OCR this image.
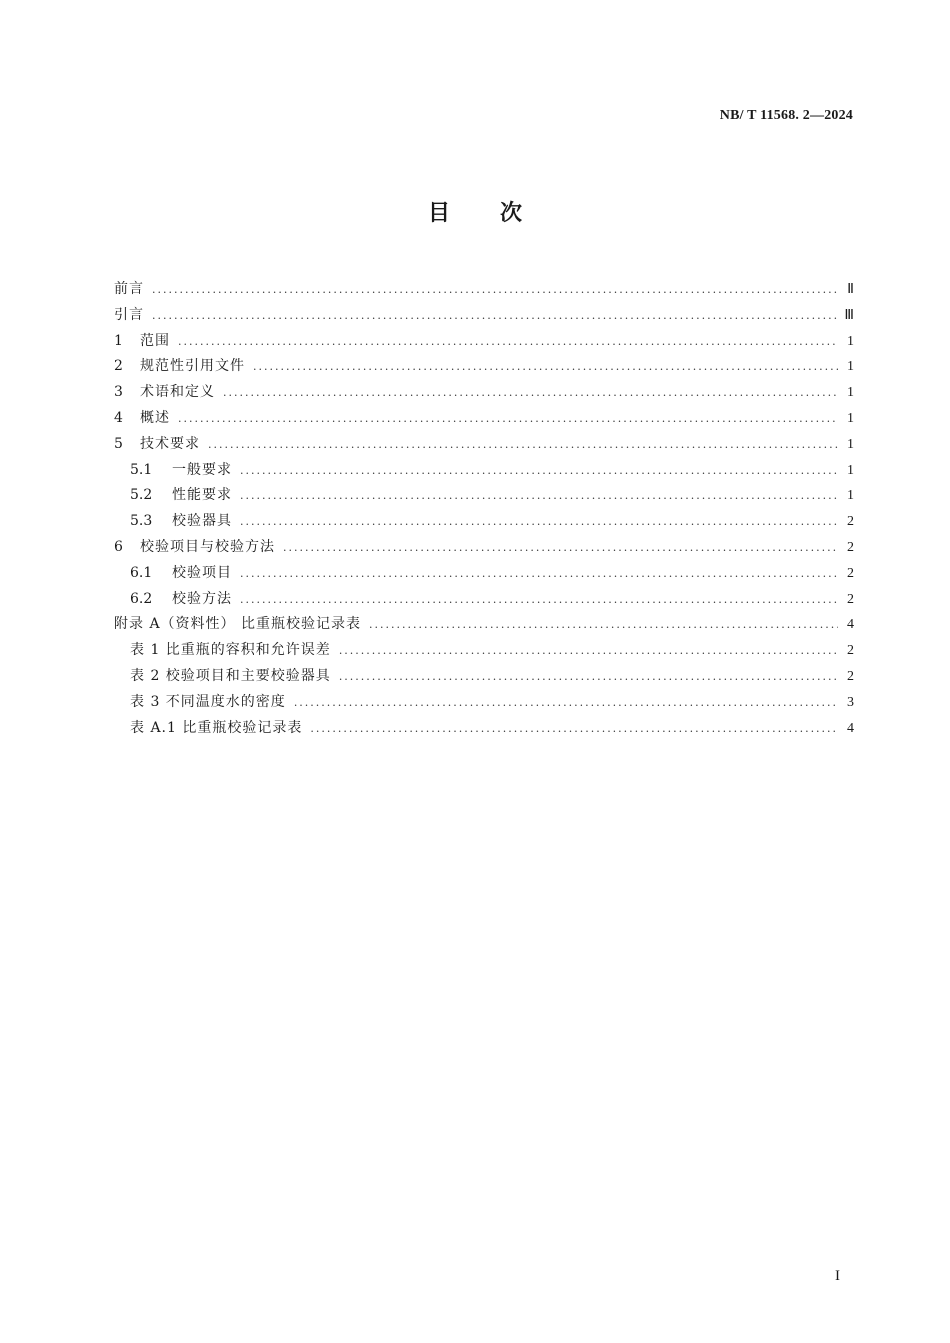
NB/ T 11568. 2—2024
目 次
前言 .....	Ⅱ
引言 .....	Ⅲ
1	范围 .....	1
2	规范性引用文件 .....	1
3	术语和定义 .....	1
4	概述 .....	1
5	技术要求 .....	1
5.1	一般要求 .....	1
5.2	性能要求 .....	1
5.3	校验器具 .....	2
6	校验项目与校验方法 .....	2
6.1	校验项目 .....	2
6.2	校验方法 .....	2
附录 A（资料性） 比重瓶校验记录表 .....	4
表 1 比重瓶的容积和允许误差 .....	2
表 2 校验项目和主要校验器具 .....	2
表 3 不同温度水的密度 .....	3
表 A.1 比重瓶校验记录表 .....	4
I
